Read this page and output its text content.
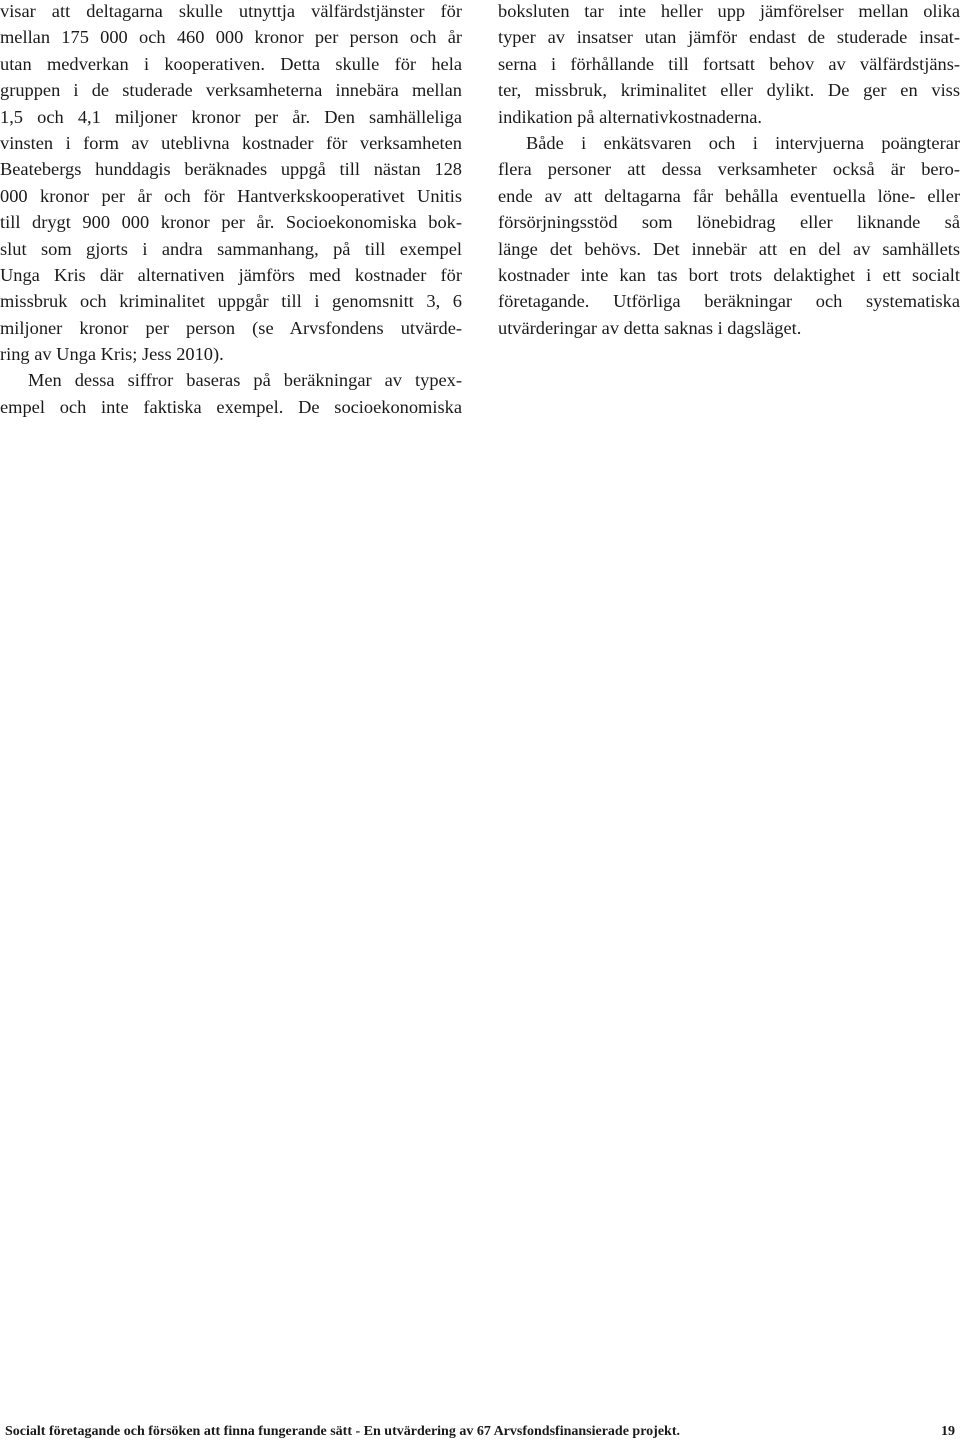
visar att deltagarna skulle utnyttja välfärdstjänster för
mellan 175 000 och 460 000 kronor per person och år
utan medverkan i kooperativen. Detta skulle för hela
gruppen i de studerade verksamheterna innebära mellan
1,5 och 4,1 miljoner kronor per år. Den samhälleliga
vinsten i form av uteblivna kostnader för verksamheten
Beatebergs hunddagis beräknades uppgå till nästan 128
000 kronor per år och för Hantverkskooperativet Unitis
till drygt 900 000 kronor per år. Socioekonomiska bok-
slut som gjorts i andra sammanhang, på till exempel
Unga Kris där alternativen jämförs med kostnader för
missbruk och kriminalitet uppgår till i genomsnitt 3, 6
miljoner kronor per person (se Arvsfondens utvärde-
ring av Unga Kris; Jess 2010).
Men dessa siffror baseras på beräkningar av typex-
empel och inte faktiska exempel. De socioekonomiska
boksluten tar inte heller upp jämförelser mellan olika
typer av insatser utan jämför endast de studerade insat-
serna i förhållande till fortsatt behov av välfärdstjäns-
ter, missbruk, kriminalitet eller dylikt. De ger en viss
indikation på alternativkostnaderna.
Både i enkätsvaren och i intervjuerna poängterar
flera personer att dessa verksamheter också är bero-
ende av att deltagarna får behålla eventuella löne- eller
försörjningsstöd som lönebidrag eller liknande så
länge det behövs. Det innebär att en del av samhällets
kostnader inte kan tas bort trots delaktighet i ett socialt
företagande. Utförliga beräkningar och systematiska
utvärderingar av detta saknas i dagsläget.
Socialt företagande och försöken att finna fungerande sätt - En utvärdering av 67 Arvsfondsfinansierade projekt.	19
